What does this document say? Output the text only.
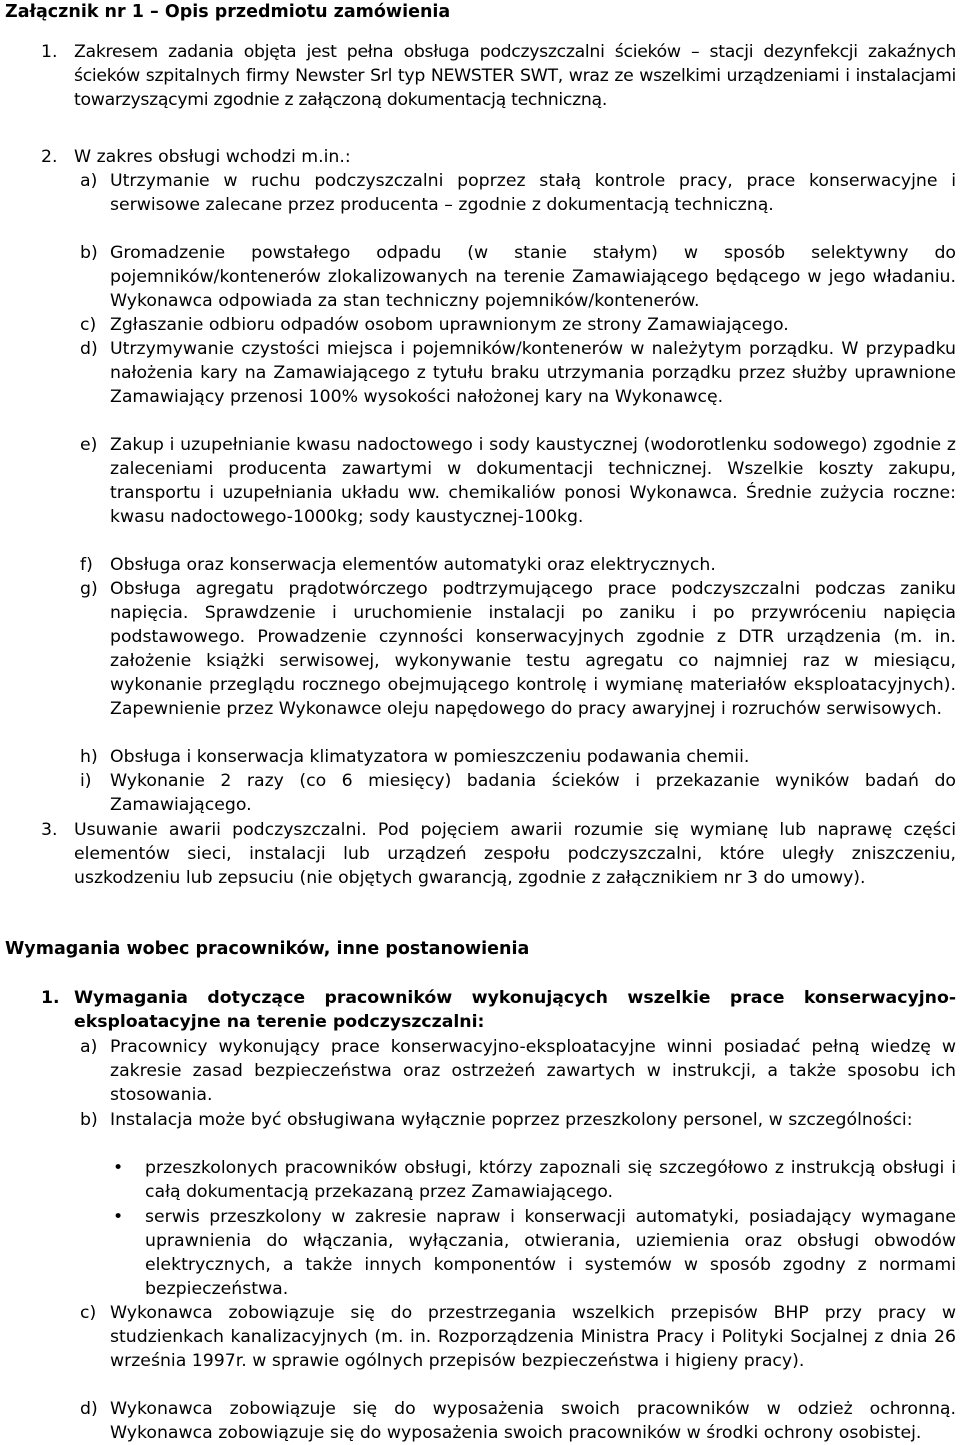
Załącznik nr 1 – Opis przedmiotu zamówienia
1. Zakresem zadania objęta jest pełna obsługa podczyszczalni ścieków – stacji dezynfekcji zakaźnych ścieków szpitalnych firmy Newster Srl typ NEWSTER SWT, wraz ze wszelkimi urządzeniami i instalacjami towarzyszącymi zgodnie z załączoną dokumentacją techniczną.
2. W zakres obsługi wchodzi m.in.:
a) Utrzymanie w ruchu podczyszczalni poprzez stałą kontrole pracy, prace konserwacyjne i serwisowe zalecane przez producenta – zgodnie z dokumentacją techniczną.
b) Gromadzenie powstałego odpadu (w stanie stałym) w sposób selektywny do pojemników/kontenerów zlokalizowanych na terenie Zamawiającego będącego w jego władaniu. Wykonawca odpowiada za stan techniczny pojemników/kontenerów.
c) Zgłaszanie odbioru odpadów osobom uprawnionym ze strony Zamawiającego.
d) Utrzymywanie czystości miejsca i pojemników/kontenerów w należytym porządku. W przypadku nałożenia kary na Zamawiającego z tytułu braku utrzymania porządku przez służby uprawnione Zamawiający przenosi 100% wysokości nałożonej kary na Wykonawcę.
e) Zakup i uzupełnianie kwasu nadoctowego i sody kaustycznej (wodorotlenku sodowego) zgodnie z zaleceniami producenta zawartymi w dokumentacji technicznej. Wszelkie koszty zakupu, transportu i uzupełniania układu ww. chemikaliów ponosi Wykonawca. Średnie zużycia roczne: kwasu nadoctowego-1000kg; sody kaustycznej-100kg.
f) Obsługa oraz konserwacja elementów automatyki oraz elektrycznych.
g) Obsługa agregatu prądotwórczego podtrzymującego prace podczyszczalni podczas zaniku napięcia. Sprawdzenie i uruchomienie instalacji po zaniku i po przywróceniu napięcia podstawowego. Prowadzenie czynności konserwacyjnych zgodnie z DTR urządzenia (m. in. założenie książki serwisowej, wykonywanie testu agregatu co najmniej raz w miesiącu, wykonanie przeglądu rocznego obejmującego kontrolę i wymianę materiałów eksploatacyjnych). Zapewnienie przez Wykonawce oleju napędowego do pracy awaryjnej i rozruchów serwisowych.
h) Obsługa i konserwacja klimatyzatora w pomieszczeniu podawania chemii.
i)	Wykonanie 2 razy (co 6 miesięcy) badania ścieków i przekazanie wyników badań do Zamawiającego.
3. Usuwanie awarii podczyszczalni. Pod pojęciem awarii rozumie się wymianę lub naprawę części elementów sieci, instalacji lub urządzeń zespołu podczyszczalni, które uległy zniszczeniu, uszkodzeniu lub zepsuciu (nie objętych gwarancją, zgodnie z załącznikiem nr 3 do umowy).
Wymagania wobec pracowników, inne postanowienia
1. Wymagania dotyczące pracowników wykonujących wszelkie prace konserwacyjno- eksploatacyjne na terenie podczyszczalni:
a) Pracownicy wykonujący prace konserwacyjno-eksploatacyjne winni posiadać pełną wiedzę w zakresie zasad bezpieczeństwa oraz ostrzeżeń zawartych w instrukcji, a także sposobu ich stosowania.
b) Instalacja może być obsługiwana wyłącznie poprzez przeszkolony personel, w szczególności:
•	przeszkolonych pracowników obsługi, którzy zapoznali się szczegółowo z instrukcją obsługi i całą dokumentacją przekazaną przez Zamawiającego.
•	serwis przeszkolony w zakresie napraw i konserwacji automatyki, posiadający wymagane uprawnienia do włączania, wyłączania, otwierania, uziemienia oraz obsługi obwodów elektrycznych, a także innych komponentów i systemów w sposób zgodny z normami bezpieczeństwa.
c) Wykonawca zobowiązuje się do przestrzegania wszelkich przepisów BHP przy pracy w studzienkach kanalizacyjnych (m. in. Rozporządzenia Ministra Pracy i Polityki Socjalnej z dnia 26 września 1997r. w sprawie ogólnych przepisów bezpieczeństwa i higieny pracy).
d) Wykonawca zobowiązuje się do wyposażenia swoich pracowników w odzież ochronną. Wykonawca zobowiązuje się do wyposażenia swoich pracowników w środki ochrony osobistej.
